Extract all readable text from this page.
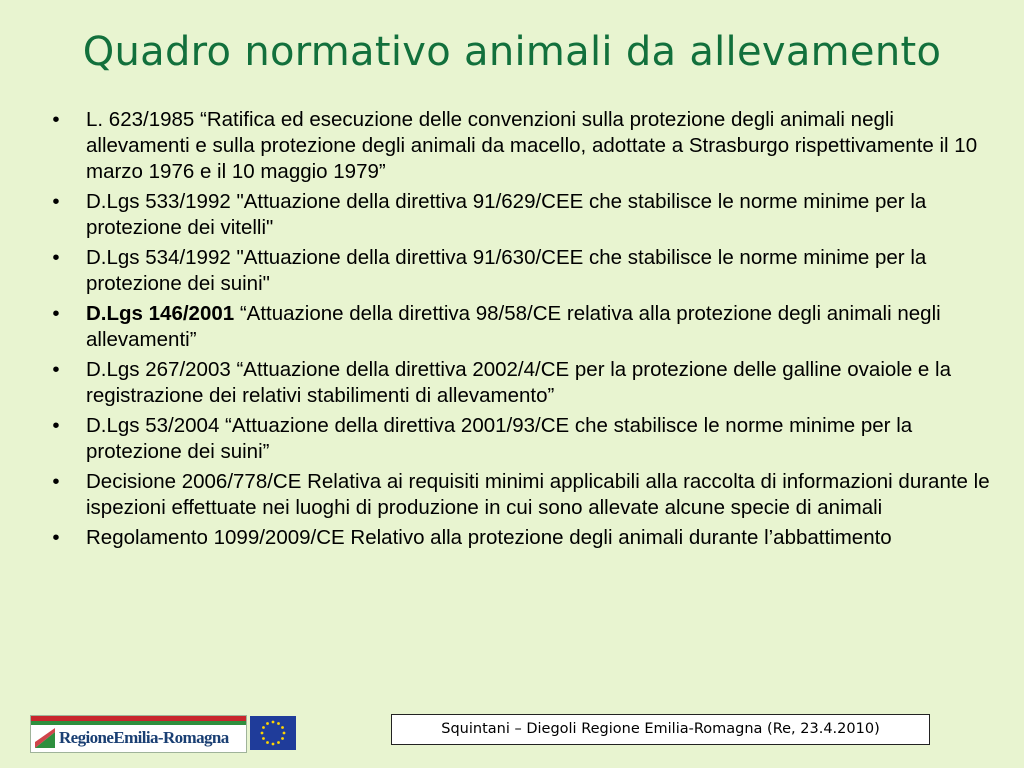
Quadro normativo animali da allevamento
•	L. 623/1985 “Ratifica ed esecuzione delle convenzioni sulla protezione degli animali negli allevamenti e sulla protezione degli animali da macello, adottate a Strasburgo rispettivamente il 10 marzo 1976 e il 10 maggio 1979”
•	D.Lgs 533/1992 "Attuazione della direttiva 91/629/CEE che stabilisce le norme minime per la protezione dei vitelli"
•	D.Lgs 534/1992 "Attuazione della direttiva 91/630/CEE che stabilisce le norme minime per la protezione dei suini"
•	D.Lgs 146/2001 “Attuazione della direttiva 98/58/CE relativa alla protezione degli animali negli allevamenti”
•	D.Lgs 267/2003 “Attuazione della direttiva 2002/4/CE per la protezione delle galline ovaiole e la registrazione dei relativi stabilimenti di allevamento”
•	D.Lgs 53/2004 “Attuazione della direttiva 2001/93/CE che stabilisce le norme minime per la protezione dei suini”
•	Decisione 2006/778/CE Relativa ai requisiti minimi applicabili alla raccolta di informazioni durante le ispezioni effettuate nei luoghi di produzione in cui sono allevate alcune specie di animali
•	Regolamento 1099/2009/CE Relativo alla protezione degli animali durante l’abbattimento
RegioneEmilia-Romagna	Squintani – Diegoli Regione Emilia-Romagna (Re, 23.4.2010)
